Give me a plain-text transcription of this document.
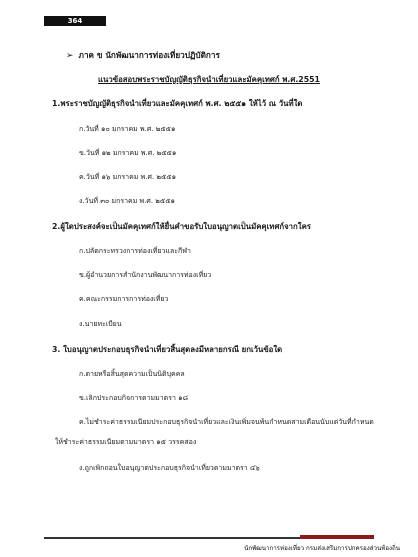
364
➢ ภาค ข นักพัฒนาการท่องเที่ยวปฏิบัติการ
แนวข้อสอบพระราชบัญญัติธุรกิจนำเที่ยวและมัคคุเทศก์ พ.ศ.2551
1.พระราชบัญญัติธุรกิจนำเที่ยวและมัคคุเทศก์ พ.ศ. ๒๕๕๑ ให้ไว้ ณ วันที่ใด
ก.วันที่ ๑๐ มกราคม พ.ศ. ๒๕๕๑
ข.วันที่ ๑๒ มกราคม พ.ศ. ๒๕๕๑
ค.วันที่ ๑๖ มกราคม พ.ศ. ๒๕๕๑
ง.วันที่ ๓๐ มกราคม พ.ศ. ๒๕๕๑
2.ผู้ใดประสงค์จะเป็นมัคคุเทศก์ให้ยื่นคำขอรับใบอนุญาตเป็นมัคคุเทศก์จากใคร
ก.ปลัดกระทรวงการท่องเที่ยวและกีฬา
ข.ผู้อำนวยการสำนักงานพัฒนาการท่องเที่ยว
ค.คณะกรรมการการท่องเที่ยว
ง.นายทะเบียน
3. ใบอนุญาตประกอบธุรกิจนำเที่ยวสิ้นสุดลงมีหลายกรณี ยกเว้นข้อใด
ก.ตายหรือสิ้นสุดความเป็นนิติบุคคล
ข.เลิกประกอบกิจการตามมาตรา ๑๘
ค.ไม่ชำระค่าธรรมเนียมประกอบธุรกิจนำเที่ยวและเงินเพิ่มจนพ้นกำหนดสามเดือนนับแต่วันที่กำหนดให้ชำระค่าธรรมเนียมตามมาตรา ๑๕ วรรคสอง
ง.ถูกเพิกถอนใบอนุญาตประกอบธุรกิจนำเที่ยวตามมาตรา ๔๖
นักพัฒนาการท่องเที่ยว กรมส่งเสริมการปกครองส่วนท้องถิ่น
